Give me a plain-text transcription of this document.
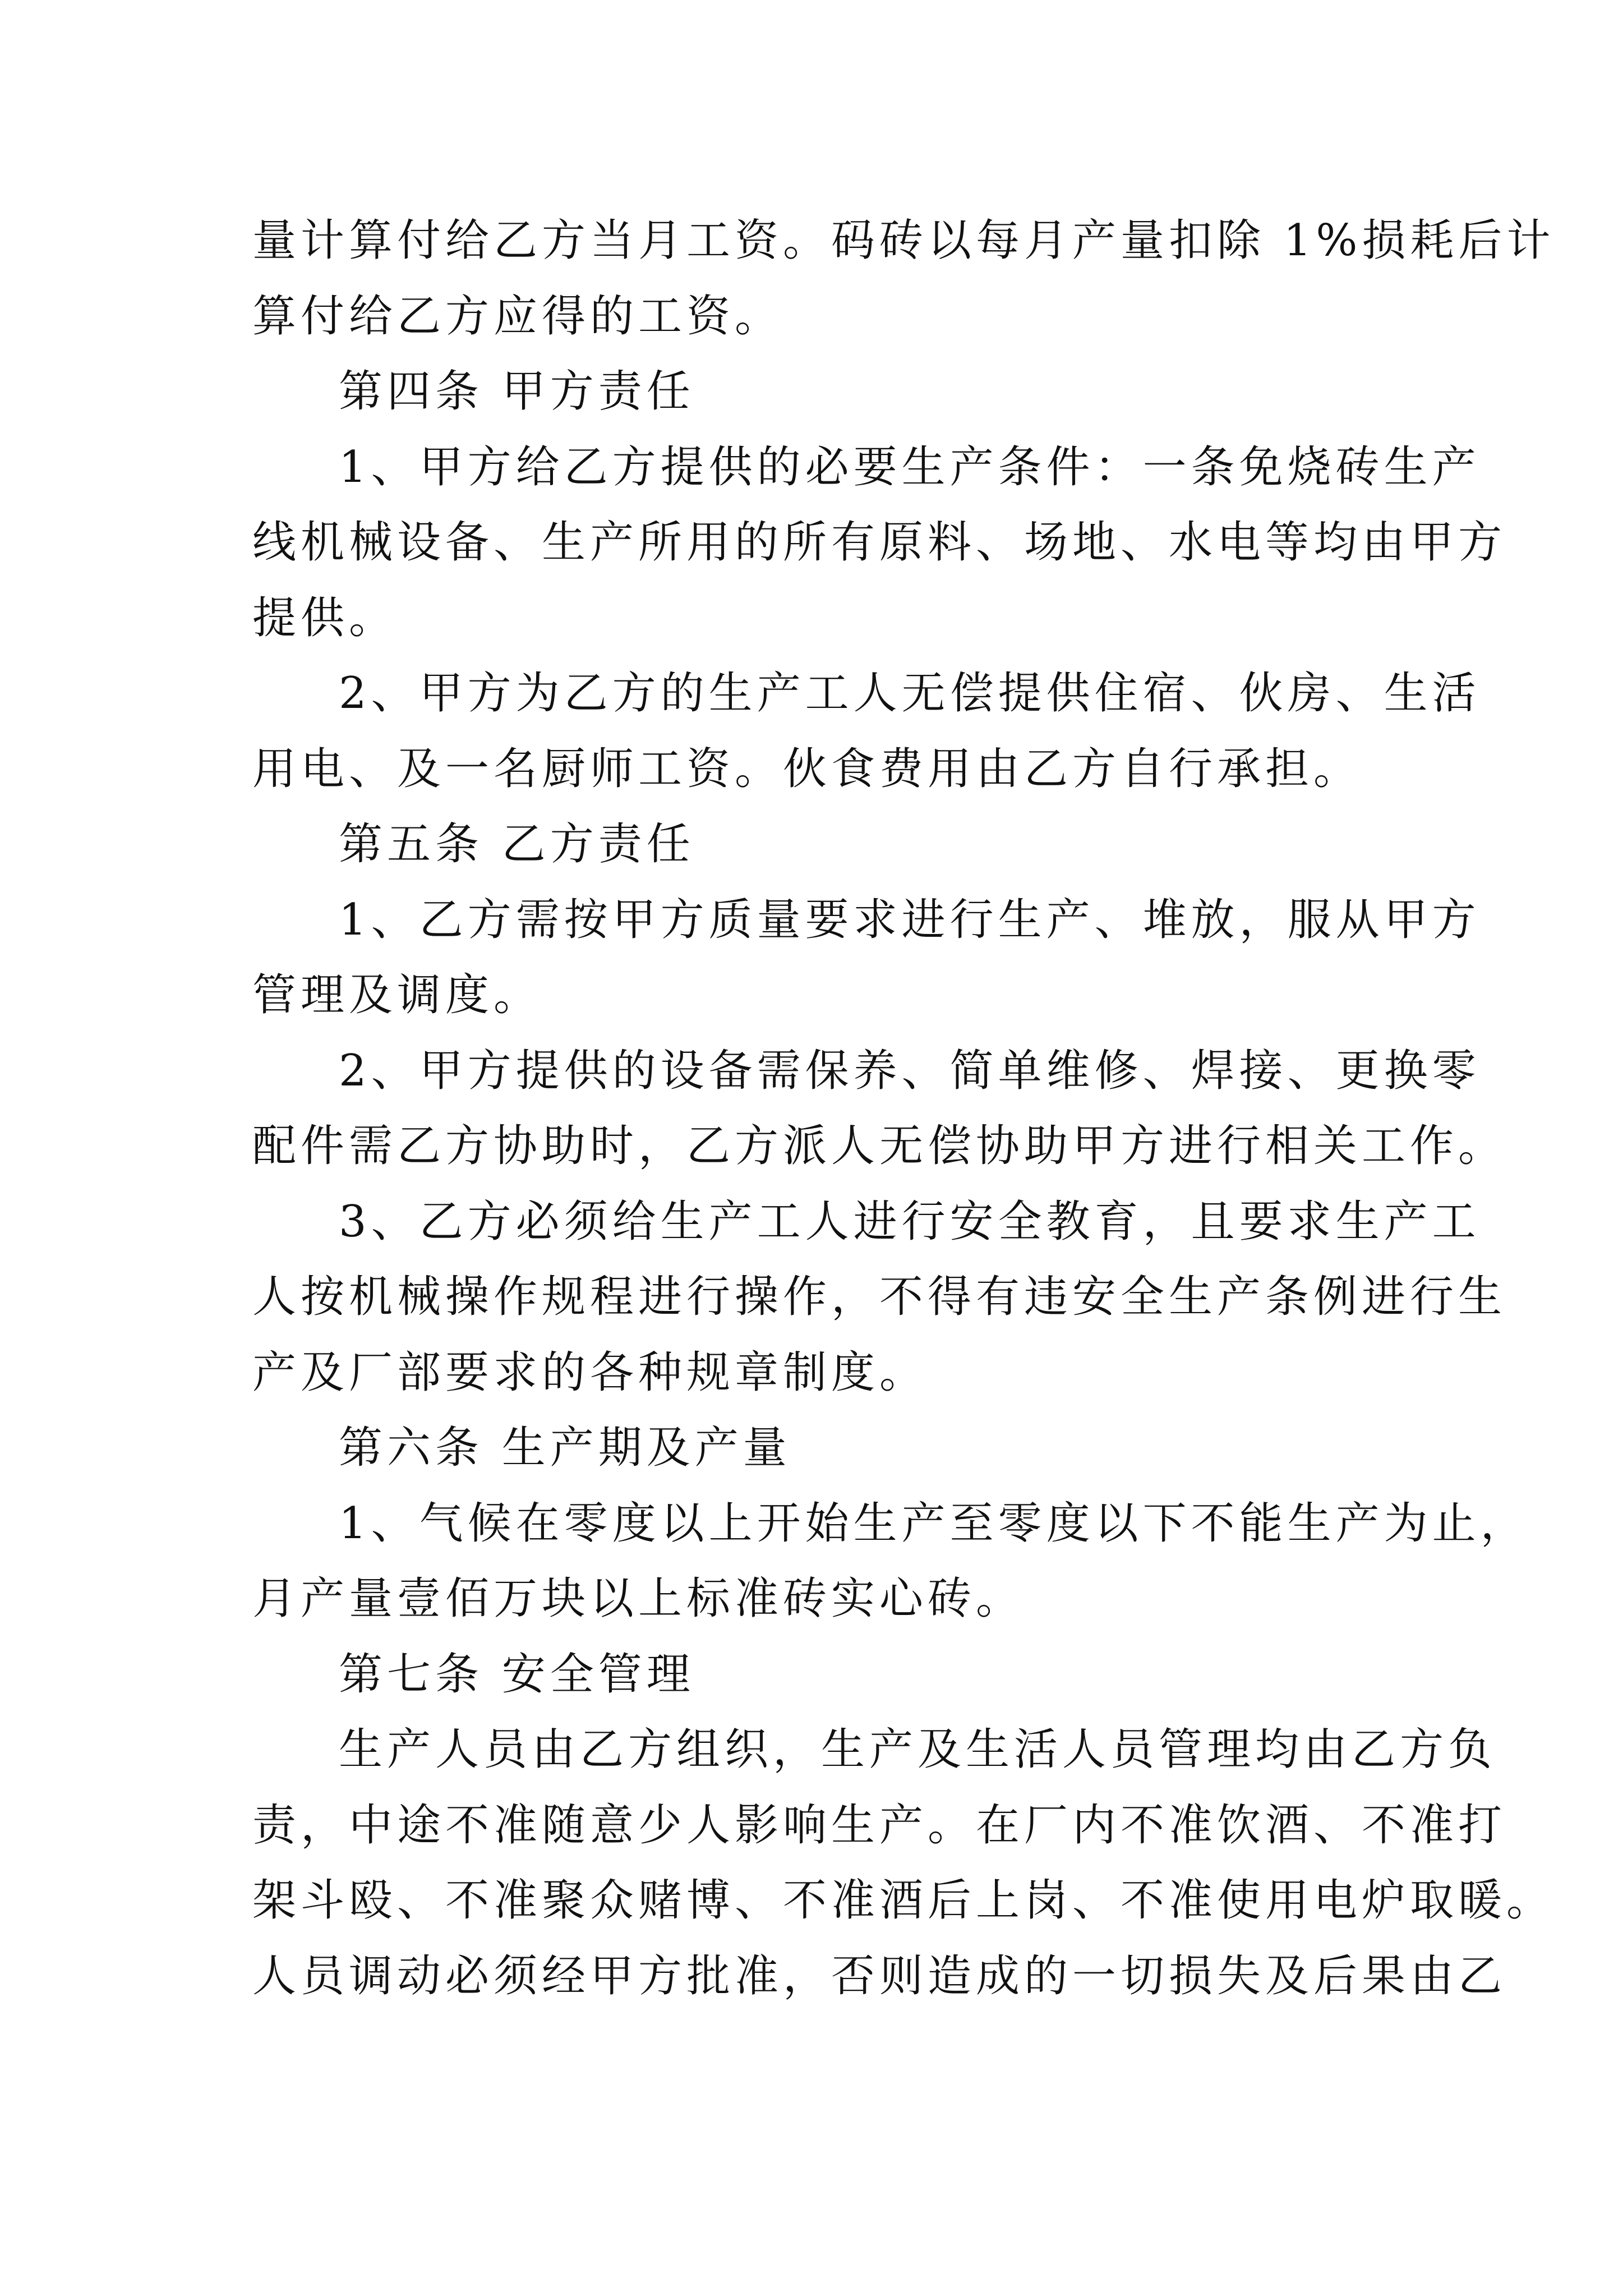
量计算付给乙方当月工资。码砖以每月产量扣除 1%损耗后计
算付给乙方应得的工资。
第四条 甲方责任
1、甲方给乙方提供的必要生产条件：一条免烧砖生产
线机械设备、生产所用的所有原料、场地、水电等均由甲方
提供。
2、甲方为乙方的生产工人无偿提供住宿、伙房、生活
用电、及一名厨师工资。伙食费用由乙方自行承担。
第五条 乙方责任
1、乙方需按甲方质量要求进行生产、堆放，服从甲方
管理及调度。
2、甲方提供的设备需保养、简单维修、焊接、更换零
配件需乙方协助时，乙方派人无偿协助甲方进行相关工作。
3、乙方必须给生产工人进行安全教育，且要求生产工
人按机械操作规程进行操作，不得有违安全生产条例进行生
产及厂部要求的各种规章制度。
第六条 生产期及产量
1、气候在零度以上开始生产至零度以下不能生产为止，
月产量壹佰万块以上标准砖实心砖。
第七条 安全管理
生产人员由乙方组织，生产及生活人员管理均由乙方负
责，中途不准随意少人影响生产。在厂内不准饮酒、不准打
架斗殴、不准聚众赌博、不准酒后上岗、不准使用电炉取暖。
人员调动必须经甲方批准，否则造成的一切损失及后果由乙
